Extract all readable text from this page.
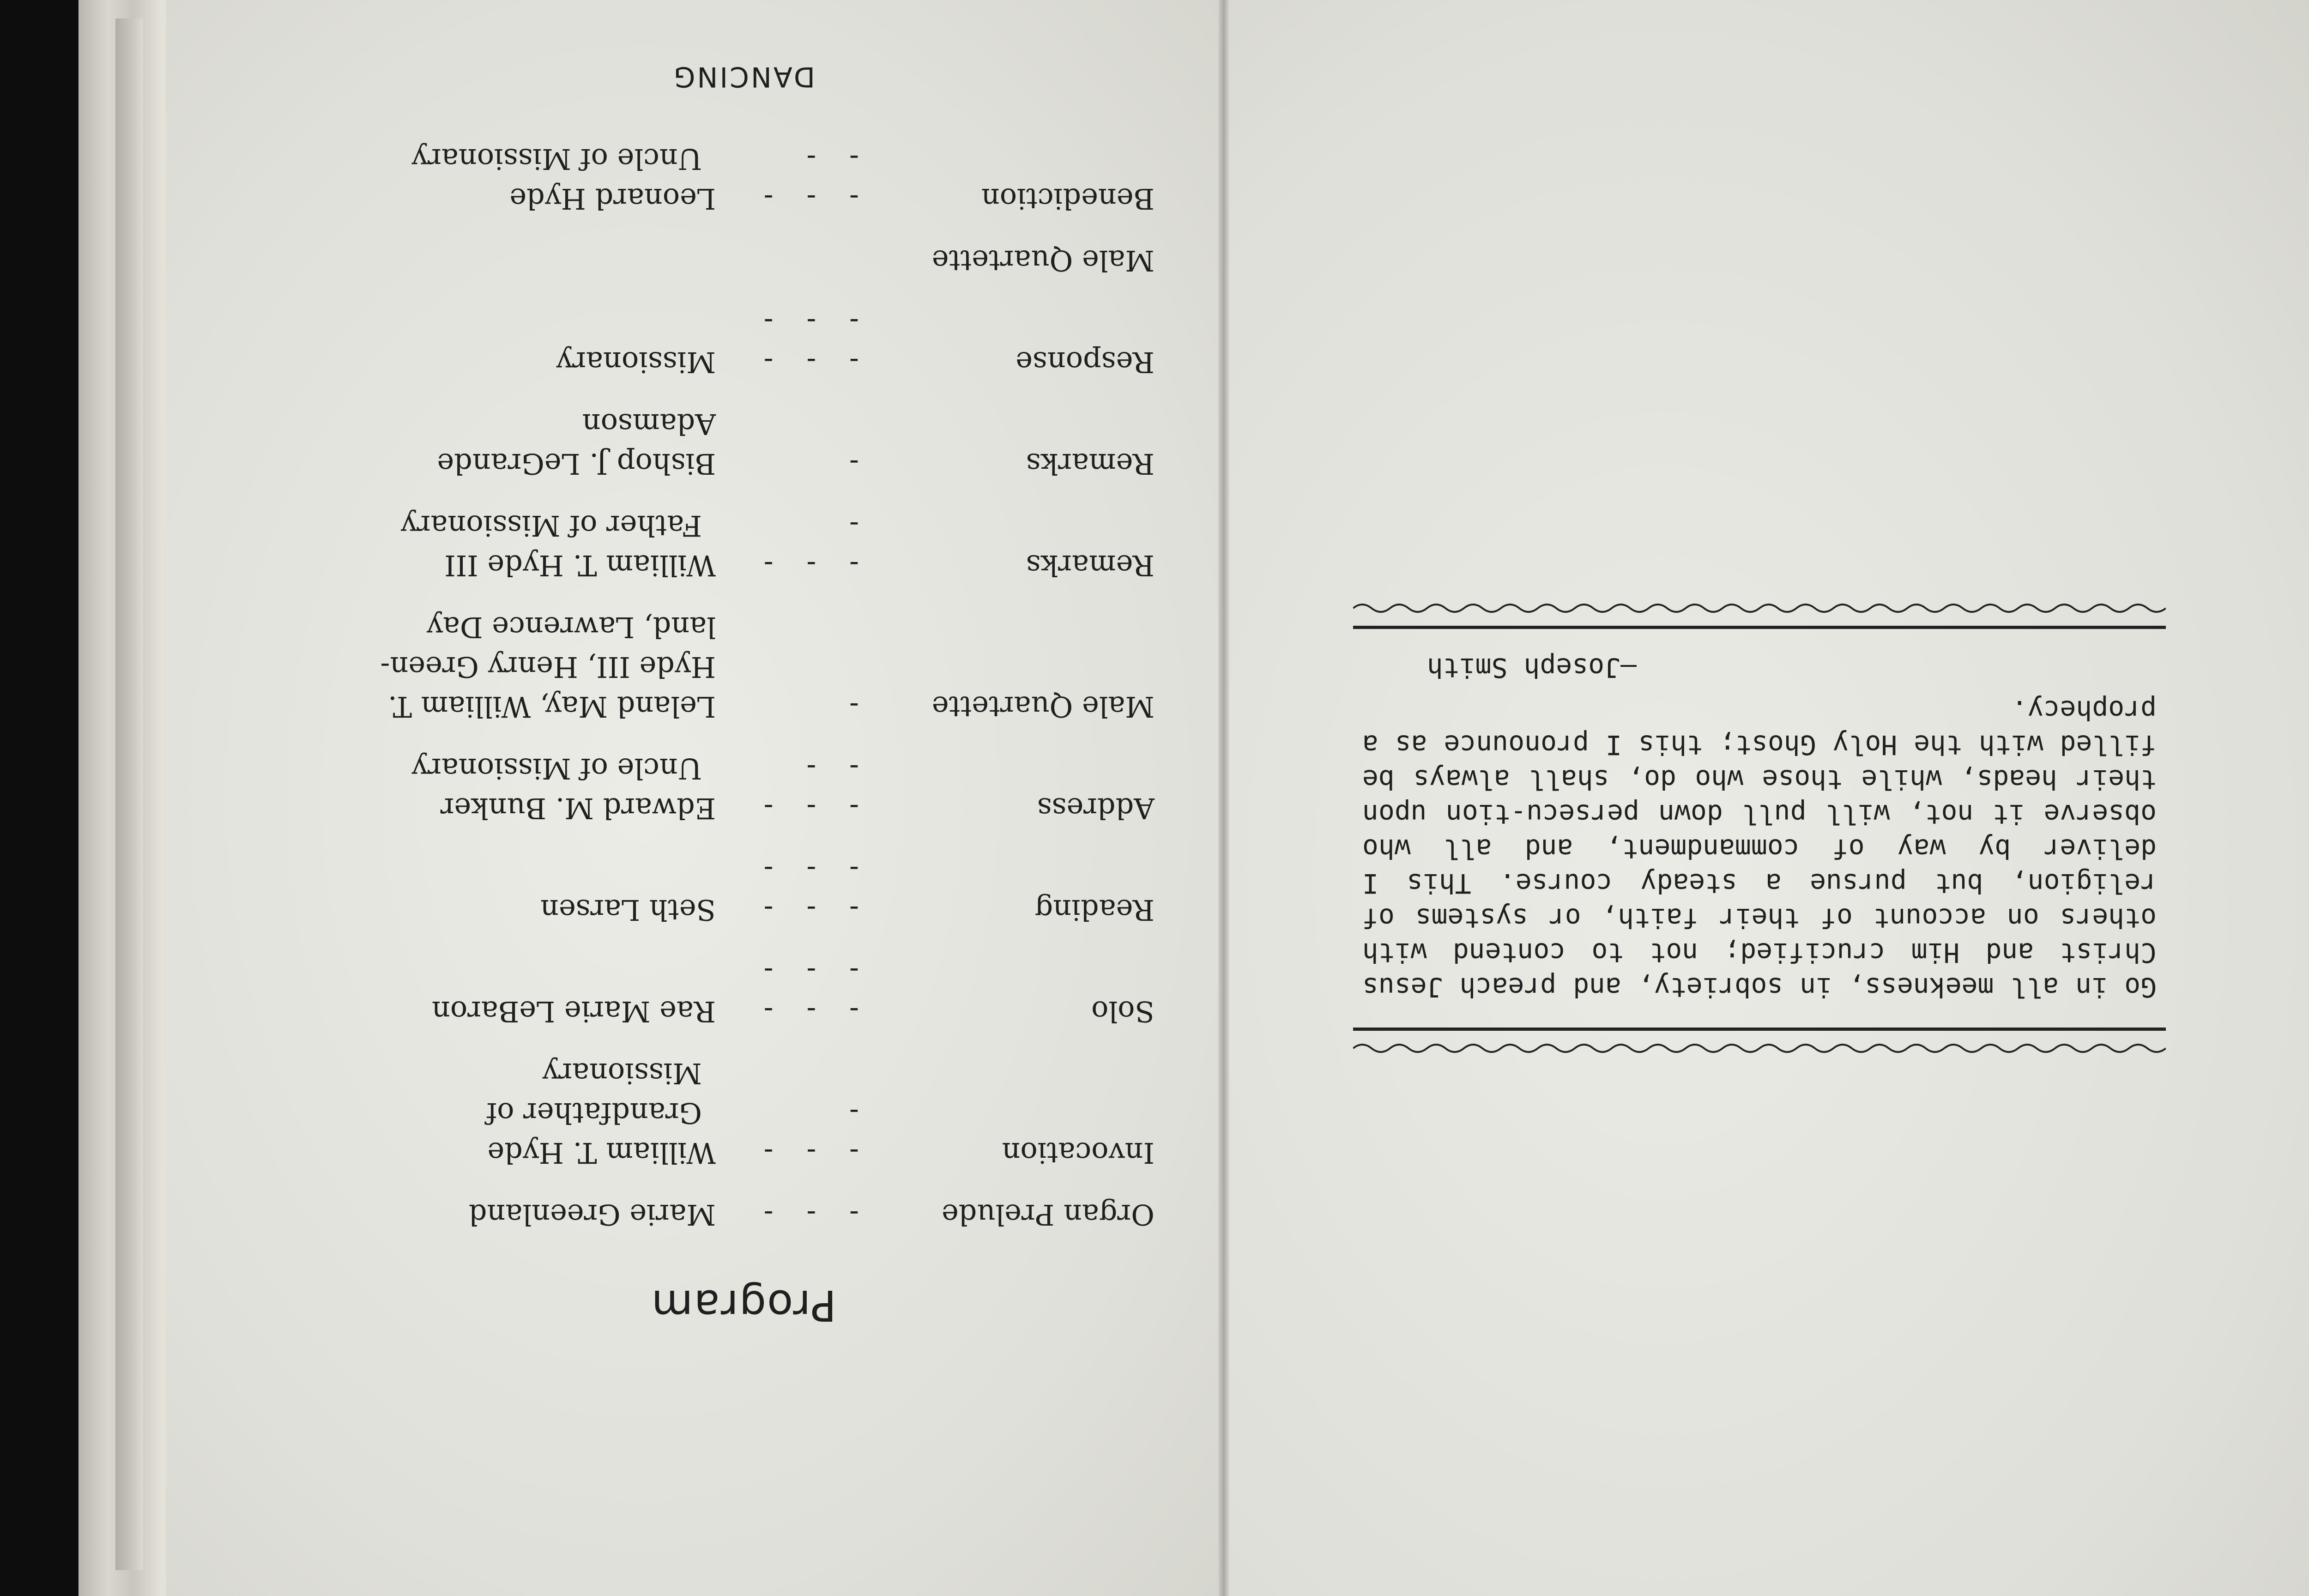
Program
Organ Prelude
- - -
Marie Greenland
Invocation
- - - -
William T. Hyde
Grandfather of Missionary
Solo
- - - - - -
Rae Marie LeBaron
Reading
- - - - - -
Seth Larsen
Address
- - - - -
Edward M. Bunker
Uncle of Missionary
Male Quartette
-
Leland May, William T. Hyde III, Henry Green-land, Lawrence Day
Remarks
- - - -
William T. Hyde III
Father of Missionary
Remarks
-
Bishop J. LeGrande Adamson
Response
- - - - - -
Missionary
Male Quartette
Benediction
- - - - -
Leonard Hyde
Uncle of Missionary
DANCING

Go in all meekness, in sobriety, and preach Jesus Christ and Him crucified; not to contend with others on account of their faith, or systems of religion, but pursue a steady course. This I deliver by way of commandment, and all who observe it not, will pull down persecu-tion upon their heads, while those who do, shall always be filled with the Holy Ghost; this I pronounce as a prophecy.

—Joseph Smith
